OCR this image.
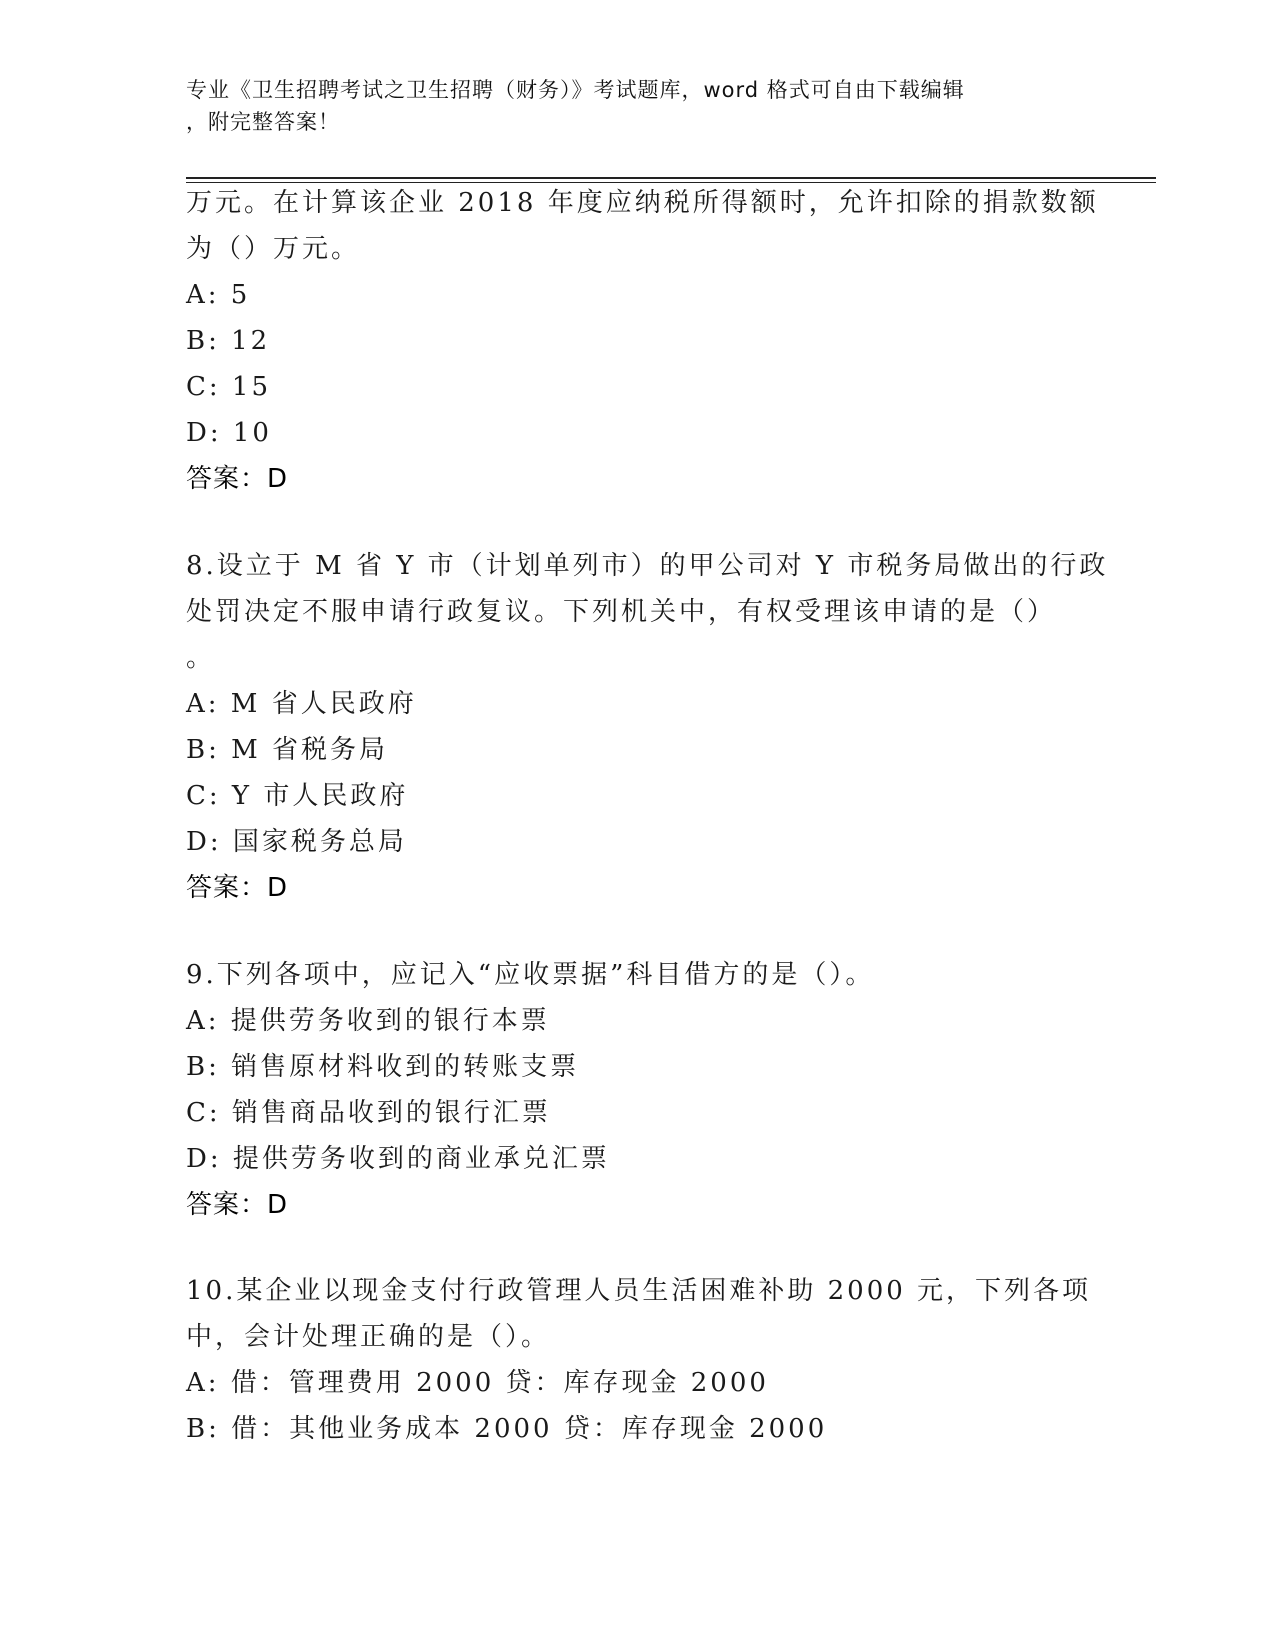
专业《卫生招聘考试之卫生招聘（财务）》考试题库，word 格式可自由下载编辑
，附完整答案！
万元。在计算该企业 2018 年度应纳税所得额时，允许扣除的捐款数额
为（）万元。
A: 5
B: 12
C: 15
D: 10
答案：D
8.设立于 M 省 Y 市（计划单列市）的甲公司对 Y 市税务局做出的行政
处罚决定不服申请行政复议。下列机关中，有权受理该申请的是（）
。
A: M 省人民政府
B: M 省税务局
C: Y 市人民政府
D: 国家税务总局
答案：D
9.下列各项中，应记入“应收票据”科目借方的是（）。
A: 提供劳务收到的银行本票
B: 销售原材料收到的转账支票
C: 销售商品收到的银行汇票
D: 提供劳务收到的商业承兑汇票
答案：D
10.某企业以现金支付行政管理人员生活困难补助 2000 元，下列各项
中，会计处理正确的是（）。
A: 借：管理费用 2000 贷：库存现金 2000
B: 借：其他业务成本 2000 贷：库存现金 2000
